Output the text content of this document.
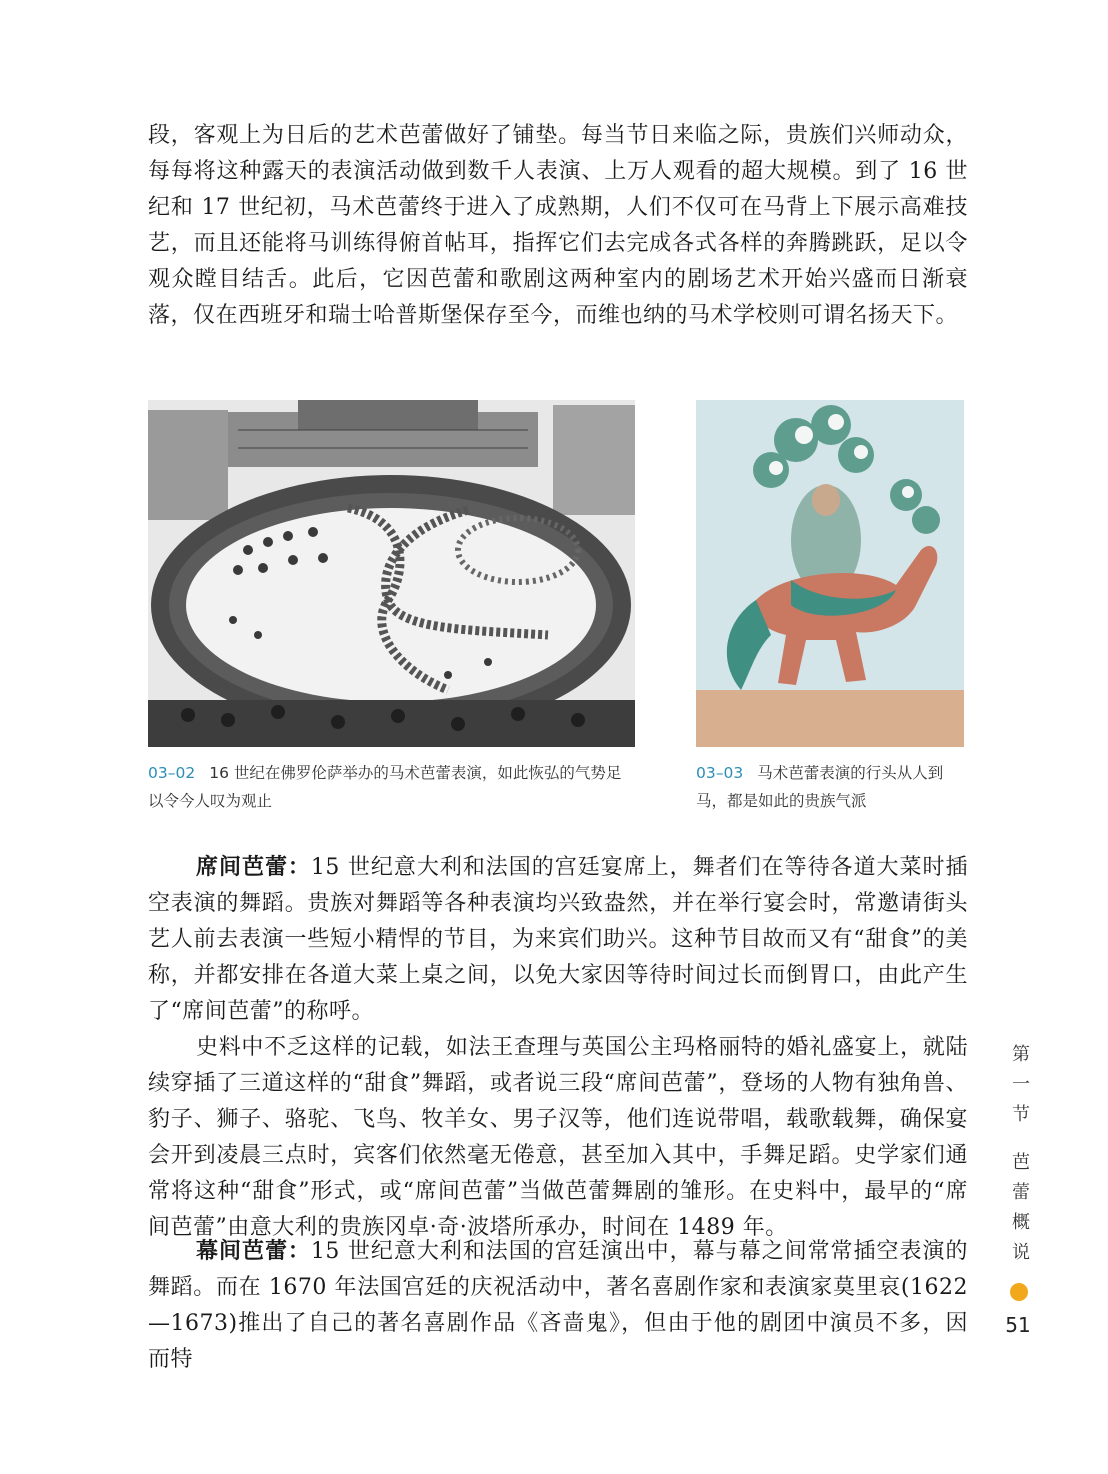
段，客观上为日后的艺术芭蕾做好了铺垫。每当节日来临之际，贵族们兴师动众，每每将这种露天的表演活动做到数千人表演、上万人观看的超大规模。到了 16 世纪和 17 世纪初，马术芭蕾终于进入了成熟期，人们不仅可在马背上下展示高难技艺，而且还能将马训练得俯首帖耳，指挥它们去完成各式各样的奔腾跳跃，足以令观众瞠目结舌。此后，它因芭蕾和歌剧这两种室内的剧场艺术开始兴盛而日渐衰落，仅在西班牙和瑞士哈普斯堡保存至今，而维也纳的马术学校则可谓名扬天下。

03–02 16 世纪在佛罗伦萨举办的马术芭蕾表演，如此恢弘的气势足以令今人叹为观止
03–03 马术芭蕾表演的行头从人到马，都是如此的贵族气派

席间芭蕾：15 世纪意大利和法国的宫廷宴席上，舞者们在等待各道大菜时插空表演的舞蹈。贵族对舞蹈等各种表演均兴致盎然，并在举行宴会时，常邀请街头艺人前去表演一些短小精悍的节目，为来宾们助兴。这种节目故而又有“甜食”的美称，并都安排在各道大菜上桌之间，以免大家因等待时间过长而倒胃口，由此产生了“席间芭蕾”的称呼。

史料中不乏这样的记载，如法王查理与英国公主玛格丽特的婚礼盛宴上，就陆续穿插了三道这样的“甜食”舞蹈，或者说三段“席间芭蕾”，登场的人物有独角兽、豹子、狮子、骆驼、飞鸟、牧羊女、男子汉等，他们连说带唱，载歌载舞，确保宴会开到凌晨三点时，宾客们依然毫无倦意，甚至加入其中，手舞足蹈。史学家们通常将这种“甜食”形式，或“席间芭蕾”当做芭蕾舞剧的雏形。在史料中，最早的“席间芭蕾”由意大利的贵族冈卓·奇·波塔所承办，时间在 1489 年。

幕间芭蕾：15 世纪意大利和法国的宫廷演出中，幕与幕之间常常插空表演的舞蹈。而在 1670 年法国宫廷的庆祝活动中，著名喜剧作家和表演家莫里哀(1622—1673)推出了自己的著名喜剧作品《吝啬鬼》，但由于他的剧团中演员不多，因而特

第
一
节
芭
蕾
概
说
51
